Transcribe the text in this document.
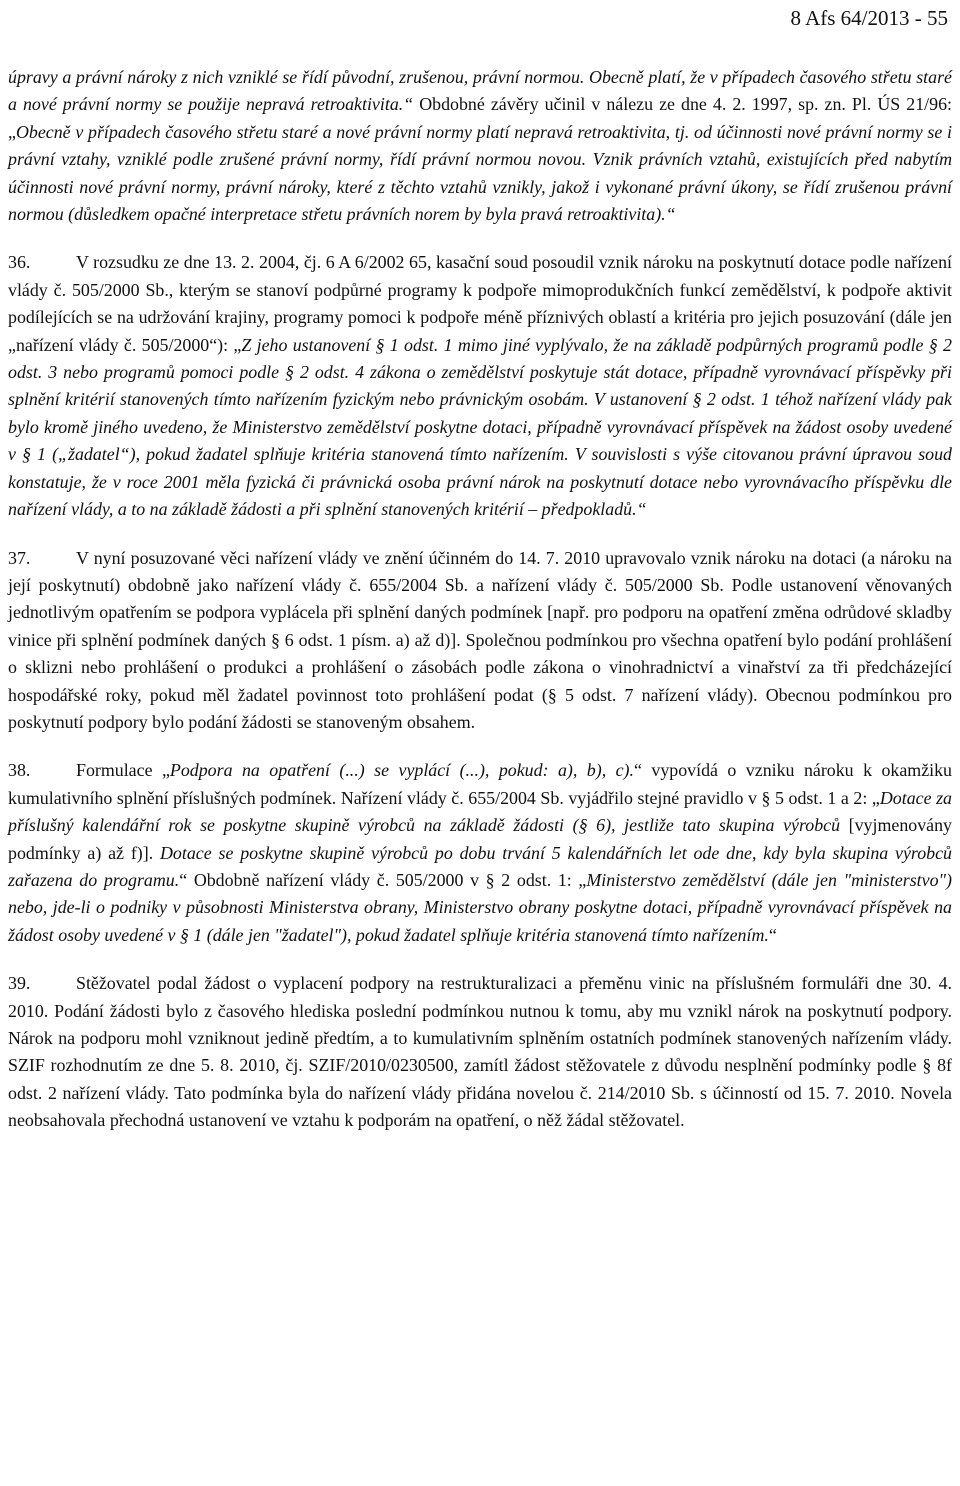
8 Afs 64/2013 - 55

úpravy a právní nároky z nich vzniklé se řídí původní, zrušenou, právní normou. Obecně platí, že v případech časového střetu staré a nové právní normy se použije nepravá retroaktivita.“ Obdobné závěry učinil v nálezu ze dne 4. 2. 1997, sp. zn. Pl. ÚS 21/96: „Obecně v případech časového střetu staré a nové právní normy platí nepravá retroaktivita, tj. od účinnosti nové právní normy se i právní vztahy, vzniklé podle zrušené právní normy, řídí právní normou novou. Vznik právních vztahů, existujících před nabytím účinnosti nové právní normy, právní nároky, které z těchto vztahů vznikly, jakož i vykonané právní úkony, se řídí zrušenou právní normou (důsledkem opačné interpretace střetu právních norem by byla pravá retroaktivita).“

36.	V rozsudku ze dne 13. 2. 2004, čj. 6 A 6/2002 65, kasační soud posoudil vznik nároku na poskytnutí dotace podle nařízení vlády č. 505/2000 Sb., kterým se stanoví podpůrné programy k podpoře mimoprodukčních funkcí zemědělství, k podpoře aktivit podílejících se na udržování krajiny, programy pomoci k podpoře méně příznivých oblastí a kritéria pro jejich posuzování (dále jen „nařízení vlády č. 505/2000“): „Z jeho ustanovení § 1 odst. 1 mimo jiné vyplývalo, že na základě podpůrných programů podle § 2 odst. 3 nebo programů pomoci podle § 2 odst. 4 zákona o zemědělství poskytuje stát dotace, případně vyrovnávací příspěvky při splnění kritérií stanovených tímto nařízením fyzickým nebo právnickým osobám. V ustanovení § 2 odst. 1 téhož nařízení vlády pak bylo kromě jiného uvedeno, že Ministerstvo zemědělství poskytne dotaci, případně vyrovnávací příspěvek na žádost osoby uvedené v § 1 („žadatel“), pokud žadatel splňuje kritéria stanovená tímto nařízením. V souvislosti s výše citovanou právní úpravou soud konstatuje, že v roce 2001 měla fyzická či právnická osoba právní nárok na poskytnutí dotace nebo vyrovnávacího příspěvku dle nařízení vlády, a to na základě žádosti a při splnění stanovených kritérií – předpokladů.“

37.	V nyní posuzované věci nařízení vlády ve znění účinném do 14. 7. 2010 upravovalo vznik nároku na dotaci (a nároku na její poskytnutí) obdobně jako nařízení vlády č. 655/2004 Sb. a nařízení vlády č. 505/2000 Sb. Podle ustanovení věnovaných jednotlivým opatřením se podpora vyplácela při splnění daných podmínek [např. pro podporu na opatření změna odrůdové skladby vinice při splnění podmínek daných § 6 odst. 1 písm. a) až d)]. Společnou podmínkou pro všechna opatření bylo podání prohlášení o sklizni nebo prohlášení o produkci a prohlášení o zásobách podle zákona o vinohradnictví a vinařství za tři předcházející hospodářské roky, pokud měl žadatel povinnost toto prohlášení podat (§ 5 odst. 7 nařízení vlády). Obecnou podmínkou pro poskytnutí podpory bylo podání žádosti se stanoveným obsahem.

38.	Formulace „Podpora na opatření (...) se vyplácí (...), pokud: a), b), c).“ vypovídá o vzniku nároku k okamžiku kumulativního splnění příslušných podmínek. Nařízení vlády č. 655/2004 Sb. vyjádřilo stejné pravidlo v § 5 odst. 1 a 2: „Dotace za příslušný kalendářní rok se poskytne skupině výrobců na základě žádosti (§ 6), jestliže tato skupina výrobců [vyjmenovány podmínky a) až f)]. Dotace se poskytne skupině výrobců po dobu trvání 5 kalendářních let ode dne, kdy byla skupina výrobců zařazena do programu.“ Obdobně nařízení vlády č. 505/2000 v § 2 odst. 1: „Ministerstvo zemědělství (dále jen "ministerstvo") nebo, jde-li o podniky v působnosti Ministerstva obrany, Ministerstvo obrany poskytne dotaci, případně vyrovnávací příspěvek na žádost osoby uvedené v § 1 (dále jen "žadatel"), pokud žadatel splňuje kritéria stanovená tímto nařízením.“

39.	Stěžovatel podal žádost o vyplacení podpory na restrukturalizaci a přeměnu vinic na příslušném formuláři dne 30. 4. 2010. Podání žádosti bylo z časového hlediska poslední podmínkou nutnou k tomu, aby mu vznikl nárok na poskytnutí podpory. Nárok na podporu mohl vzniknout jedině předtím, a to kumulativním splněním ostatních podmínek stanovených nařízením vlády. SZIF rozhodnutím ze dne 5. 8. 2010, čj. SZIF/2010/0230500, zamítl žádost stěžovatele z důvodu nesplnění podmínky podle § 8f odst. 2 nařízení vlády. Tato podmínka byla do nařízení vlády přidána novelou č. 214/2010 Sb. s účinností od 15. 7. 2010. Novela neobsahovala přechodná ustanovení ve vztahu k podporám na opatření, o něž žádal stěžovatel.
